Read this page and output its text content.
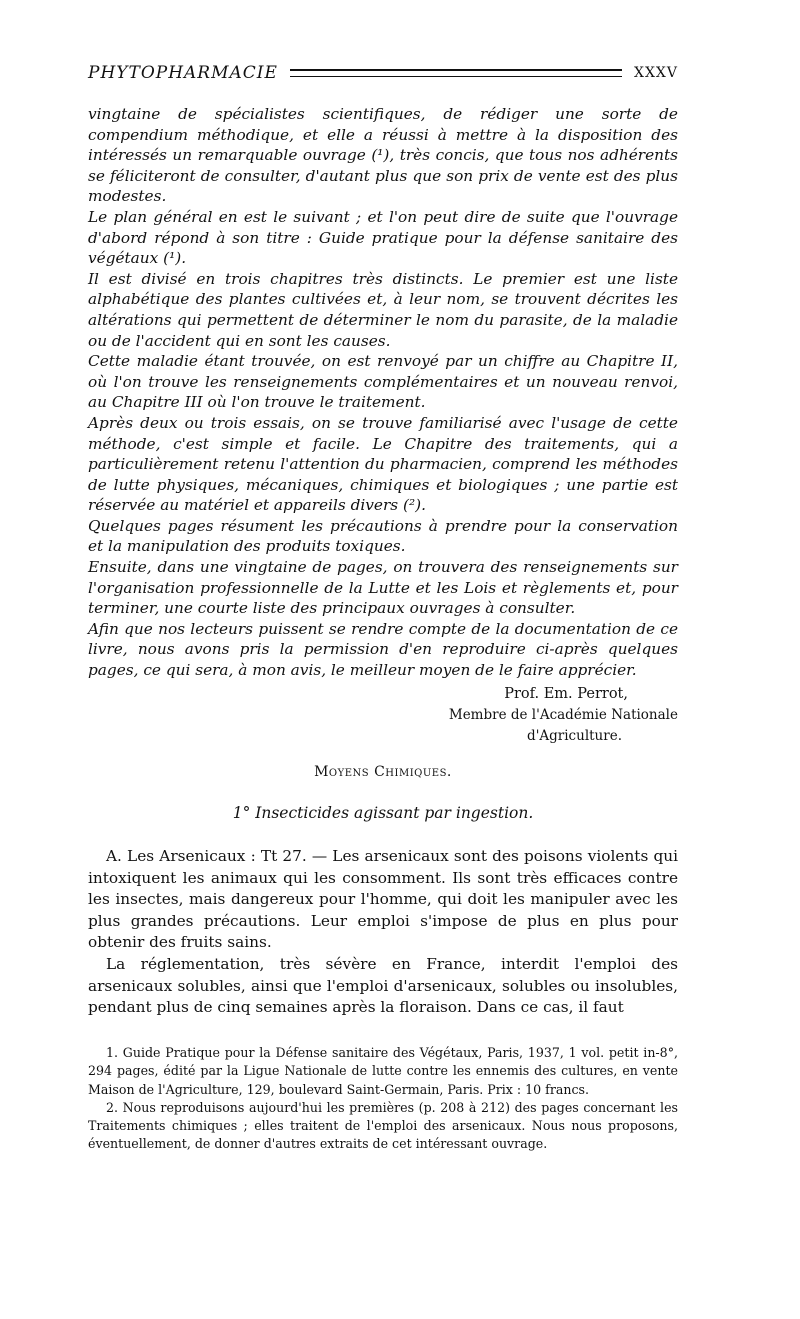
PHYTOPHARMACIE	XXXV

vingtaine de spécialistes scientifiques, de rédiger une sorte de compendium méthodique, et elle a réussi à mettre à la disposition des intéressés un remarquable ouvrage (¹), très concis, que tous nos adhérents se féliciteront de consulter, d'autant plus que son prix de vente est des plus modestes.

Le plan général en est le suivant ; et l'on peut dire de suite que l'ouvrage d'abord répond à son titre : Guide pratique pour la défense sanitaire des végétaux (¹).

Il est divisé en trois chapitres très distincts. Le premier est une liste alphabétique des plantes cultivées et, à leur nom, se trouvent décrites les altérations qui permettent de déterminer le nom du parasite, de la maladie ou de l'accident qui en sont les causes.

Cette maladie étant trouvée, on est renvoyé par un chiffre au Chapitre II, où l'on trouve les renseignements complémentaires et un nouveau renvoi, au Chapitre III où l'on trouve le traitement.

Après deux ou trois essais, on se trouve familiarisé avec l'usage de cette méthode, c'est simple et facile. Le Chapitre des traitements, qui a particulièrement retenu l'attention du pharmacien, comprend les méthodes de lutte physiques, mécaniques, chimiques et biologiques ; une partie est réservée au matériel et appareils divers (²).

Quelques pages résument les précautions à prendre pour la conservation et la manipulation des produits toxiques.

Ensuite, dans une vingtaine de pages, on trouvera des renseignements sur l'organisation professionnelle de la Lutte et les Lois et règlements et, pour terminer, une courte liste des principaux ouvrages à consulter.

Afin que nos lecteurs puissent se rendre compte de la documentation de ce livre, nous avons pris la permission d'en reproduire ci-après quelques pages, ce qui sera, à mon avis, le meilleur moyen de le faire apprécier.

Prof. Em. Perrot,
Membre de l'Académie Nationale
d'Agriculture.
Moyens Chimiques.
1° Insecticides agissant par ingestion.

A. Les Arsenicaux : Tt 27. — Les arsenicaux sont des poisons violents qui intoxiquent les animaux qui les consomment. Ils sont très efficaces contre les insectes, mais dangereux pour l'homme, qui doit les manipuler avec les plus grandes précautions. Leur emploi s'impose de plus en plus pour obtenir des fruits sains.

La réglementation, très sévère en France, interdit l'emploi des arsenicaux solubles, ainsi que l'emploi d'arsenicaux, solubles ou insolubles, pendant plus de cinq semaines après la floraison. Dans ce cas, il faut

1. Guide Pratique pour la Défense sanitaire des Végétaux, Paris, 1937, 1 vol. petit in-8°, 294 pages, édité par la Ligue Nationale de lutte contre les ennemis des cultures, en vente Maison de l'Agriculture, 129, boulevard Saint-Germain, Paris. Prix : 10 francs.

2. Nous reproduisons aujourd'hui les premières (p. 208 à 212) des pages concernant les Traitements chimiques ; elles traitent de l'emploi des arsenicaux. Nous nous proposons, éventuellement, de donner d'autres extraits de cet intéressant ouvrage.
